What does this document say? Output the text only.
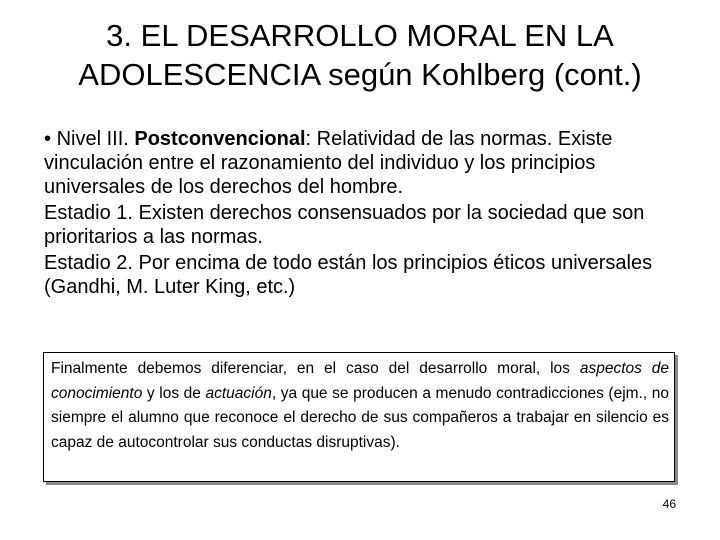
3. EL DESARROLLO MORAL EN LA
ADOLESCENCIA según Kohlberg (cont.)

• Nivel III. Postconvencional: Relatividad de las normas. Existe vinculación entre el razonamiento del individuo y los principios universales de los derechos del hombre.

Estadio 1. Existen derechos consensuados por la sociedad que son prioritarios a las normas.

Estadio 2. Por encima de todo están los principios éticos universales (Gandhi, M. Luter King, etc.)

Finalmente debemos diferenciar, en el caso del desarrollo moral, los aspectos de conocimiento y los de actuación, ya que se producen a menudo contradicciones (ejm., no siempre el alumno que reconoce el derecho de sus compañeros a trabajar en silencio es capaz de autocontrolar sus conductas disruptivas).
46
